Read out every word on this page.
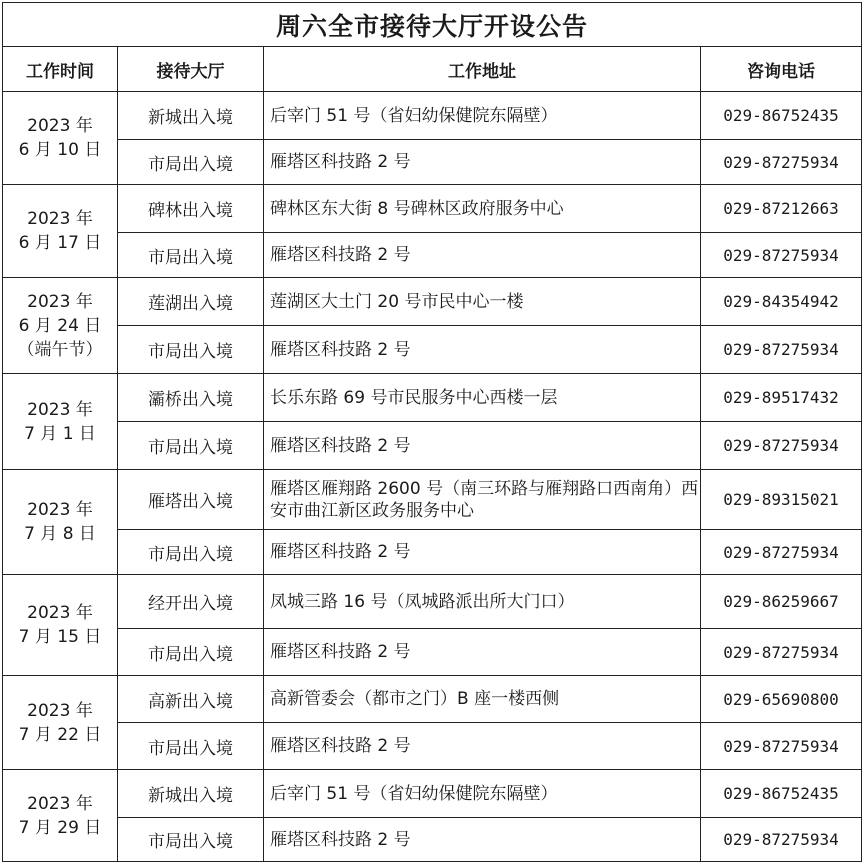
周六全市接待大厅开设公告			
工作时间	接待大厅	工作地址	咨询电话

2023 年
6 月 10 日	新城出入境	后宰门 51 号（省妇幼保健院东隔壁）	029-86752435
	市局出入境	雁塔区科技路 2 号	029-87275934

2023 年
6 月 17 日	碑林出入境	碑林区东大街 8 号碑林区政府服务中心	029-87212663
	市局出入境	雁塔区科技路 2 号	029-87275934

2023 年
6 月 24 日
（端午节）	莲湖出入境	莲湖区大土门 20 号市民中心一楼	029-84354942
	市局出入境	雁塔区科技路 2 号	029-87275934

2023 年
7 月 1 日	灞桥出入境	长乐东路 69 号市民服务中心西楼一层	029-89517432
	市局出入境	雁塔区科技路 2 号	029-87275934

2023 年
7 月 8 日	雁塔出入境	雁塔区雁翔路 2600 号（南三环路与雁翔路口西南角）西安市曲江新区政务服务中心	029-89315021
	市局出入境	雁塔区科技路 2 号	029-87275934

2023 年
7 月 15 日	经开出入境	凤城三路 16 号（凤城路派出所大门口）	029-86259667
	市局出入境	雁塔区科技路 2 号	029-87275934

2023 年
7 月 22 日	高新出入境	高新管委会（都市之门）B 座一楼西侧	029-65690800
	市局出入境	雁塔区科技路 2 号	029-87275934

2023 年
7 月 29 日	新城出入境	后宰门 51 号（省妇幼保健院东隔壁）	029-86752435
	市局出入境	雁塔区科技路 2 号	029-87275934
